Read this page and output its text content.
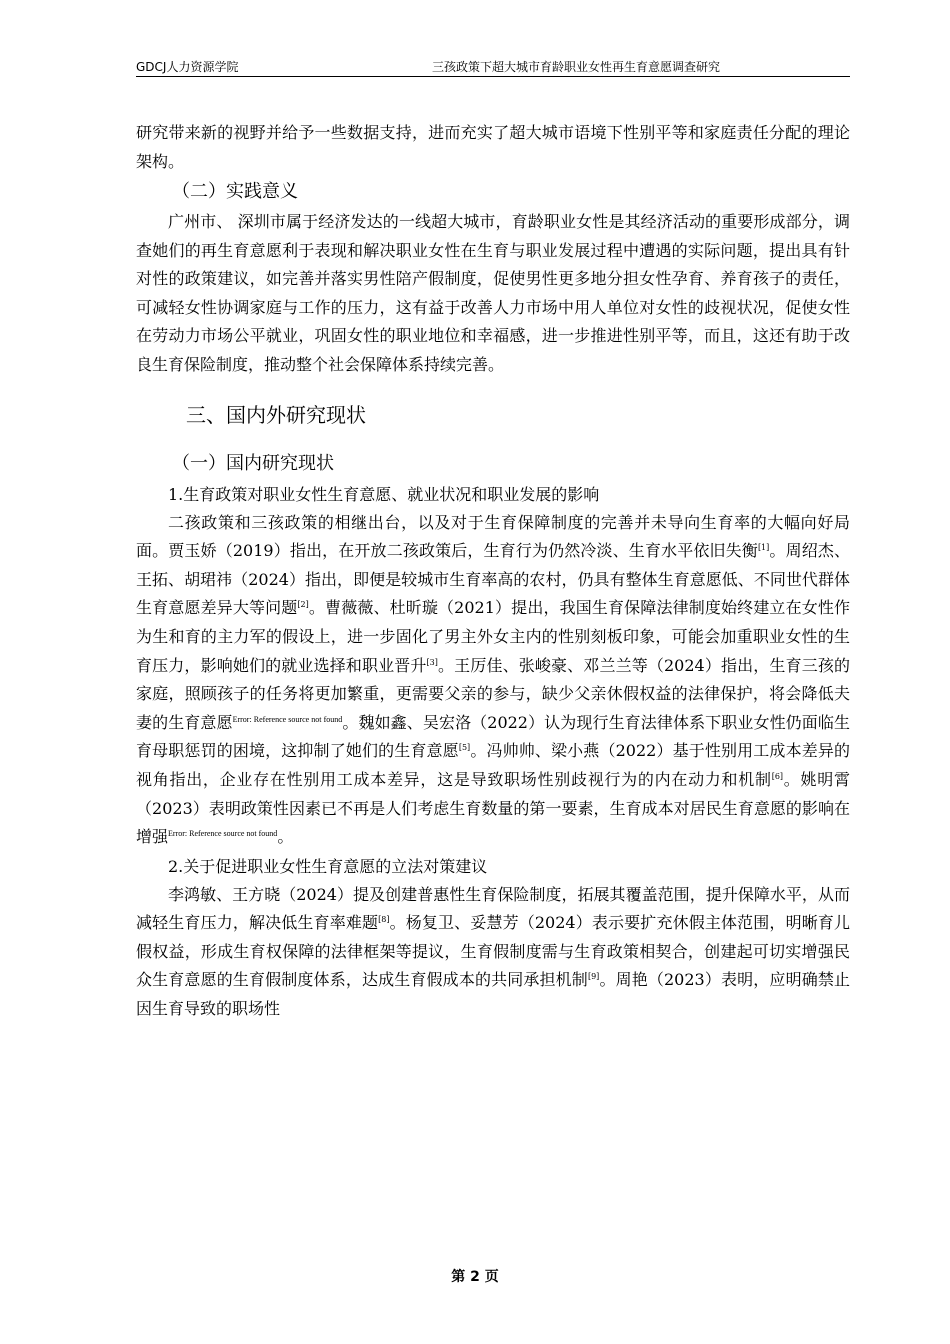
GDCJ人力资源学院	三孩政策下超大城市育龄职业女性再生育意愿调查研究

研究带来新的视野并给予一些数据支持，进而充实了超大城市语境下性别平等和家庭责任分配的理论架构。

（二）实践意义

广州市、 深圳市属于经济发达的一线超大城市，育龄职业女性是其经济活动的重要形成部分，调查她们的再生育意愿利于表现和解决职业女性在生育与职业发展过程中遭遇的实际问题，提出具有针对性的政策建议，如完善并落实男性陪产假制度，促使男性更多地分担女性孕育、养育孩子的责任，可减轻女性协调家庭与工作的压力，这有益于改善人力市场中用人单位对女性的歧视状况，促使女性在劳动力市场公平就业，巩固女性的职业地位和幸福感，进一步推进性别平等，而且，这还有助于改良生育保险制度，推动整个社会保障体系持续完善。

三、国内外研究现状
（一）国内研究现状

1.生育政策对职业女性生育意愿、就业状况和职业发展的影响

二孩政策和三孩政策的相继出台，以及对于生育保障制度的完善并未导向生育率的大幅向好局面。贾玉娇（2019）指出，在开放二孩政策后，生育行为仍然冷淡、生育水平依旧失衡[1]。周绍杰、王拓、胡珺祎（2024）指出，即便是较城市生育率高的农村，仍具有整体生育意愿低、不同世代群体生育意愿差异大等问题[2]。曹薇薇、杜昕璇（2021）提出，我国生育保障法律制度始终建立在女性作为生和育的主力军的假设上，进一步固化了男主外女主内的性别刻板印象，可能会加重职业女性的生育压力，影响她们的就业选择和职业晋升[3]。王厉佳、张峻豪、邓兰兰等（2024）指出，生育三孩的家庭，照顾孩子的任务将更加繁重，更需要父亲的参与，缺少父亲休假权益的法律保护，将会降低夫妻的生育意愿$^{Error: Reference source not found}$。魏如鑫、吴宏洛（2022）认为现行生育法律体系下职业女性仍面临生育母职惩罚的困境，这抑制了她们的生育意愿[5]。冯帅帅、梁小燕（2022）基于性别用工成本差异的视角指出，企业存在性别用工成本差异，这是导致职场性别歧视行为的内在动力和机制[6]。姚明霄（2023）表明政策性因素已不再是人们考虑生育数量的第一要素，生育成本对居民生育意愿的影响在增强$^{Error: Reference source not found}$。

2.关于促进职业女性生育意愿的立法对策建议

李鸿敏、王方晓（2024）提及创建普惠性生育保险制度，拓展其覆盖范围，提升保障水平，从而减轻生育压力，解决低生育率难题[8]。杨复卫、妥慧芳（2024）表示要扩充休假主体范围，明晰育儿假权益，形成生育权保障的法律框架等提议，生育假制度需与生育政策相契合，创建起可切实增强民众生育意愿的生育假制度体系，达成生育假成本的共同承担机制[9]。周艳（2023）表明，应明确禁止因生育导致的职场性

第 2 页
